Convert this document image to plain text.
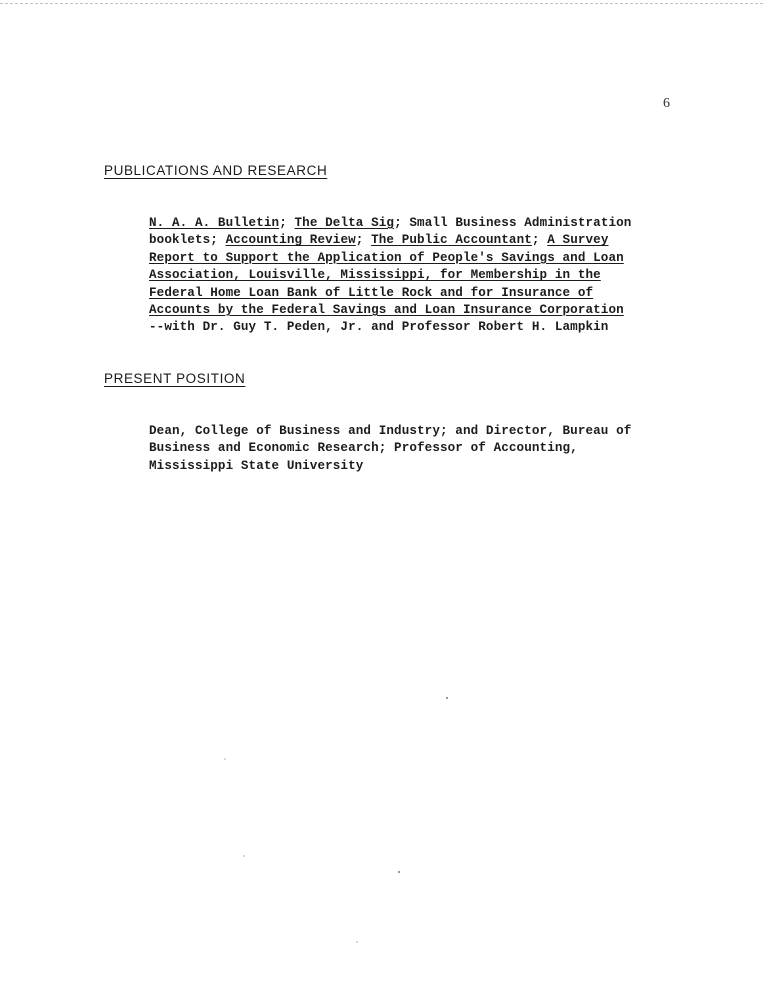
6
PUBLICATIONS AND RESEARCH
N. A. A. Bulletin; The Delta Sig; Small Business Administration
booklets; Accounting Review; The Public Accountant; A Survey
Report to Support the Application of People's Savings and Loan
Association, Louisville, Mississippi, for Membership in the
Federal Home Loan Bank of Little Rock and for Insurance of
Accounts by the Federal Savings and Loan Insurance Corporation
--with Dr. Guy T. Peden, Jr. and Professor Robert H. Lampkin
PRESENT POSITION
Dean, College of Business and Industry; and Director, Bureau of
Business and Economic Research; Professor of Accounting,
Mississippi State University
